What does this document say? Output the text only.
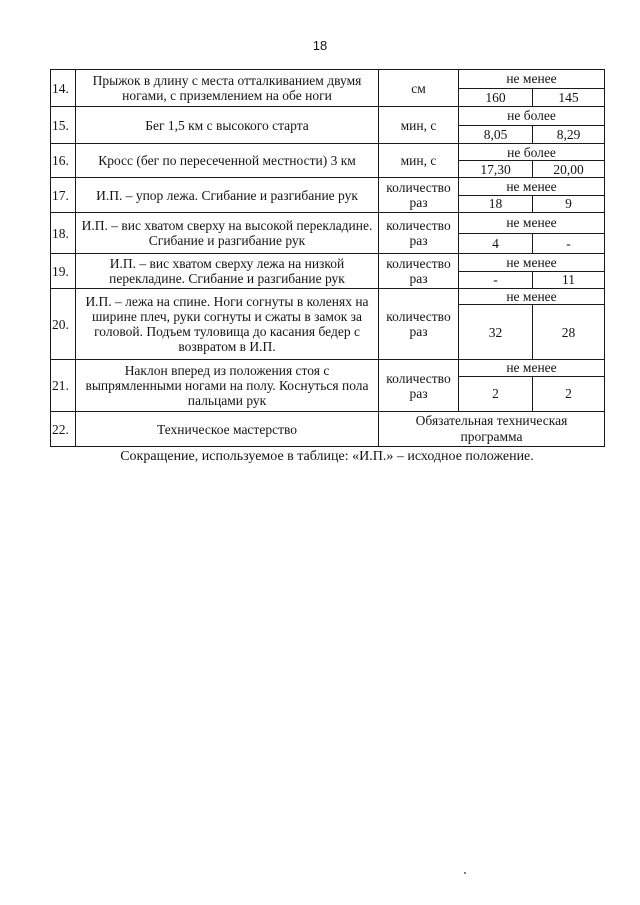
18
14.	Прыжок в длину с места отталкиванием двумя ногами, с приземлением на обе ноги	см	не менее	
			160	145
15.	Бег 1,5 км с высокого старта	мин, с	не более	
			8,05	8,29
16.	Кросс (бег по пересеченной местности) 3 км	мин, с	не более	
			17,30	20,00
17.	И.П. – упор лежа. Сгибание и разгибание рук	количество раз	не менее	
			18	9
18.	И.П. – вис хватом сверху на высокой перекладине. Сгибание и разгибание рук	количество раз	не менее	
			4	-
19.	И.П. – вис хватом сверху лежа на низкой перекладине. Сгибание и разгибание рук	количество раз	не менее	
			-	11
20.	И.П. – лежа на спине. Ноги согнуты в коленях на ширине плеч, руки согнуты и сжаты в замок за головой. Подъем туловища до касания бедер с возвратом в И.П.	количество раз	не менее	
			32	28
21.	Наклон вперед из положения стоя с выпрямленными ногами на полу. Коснуться пола пальцами рук	количество раз	не менее	
			2	2
22.	Техническое мастерство	Обязательная техническая программа		
Сокращение, используемое в таблице: «И.П.» – исходное положение.
